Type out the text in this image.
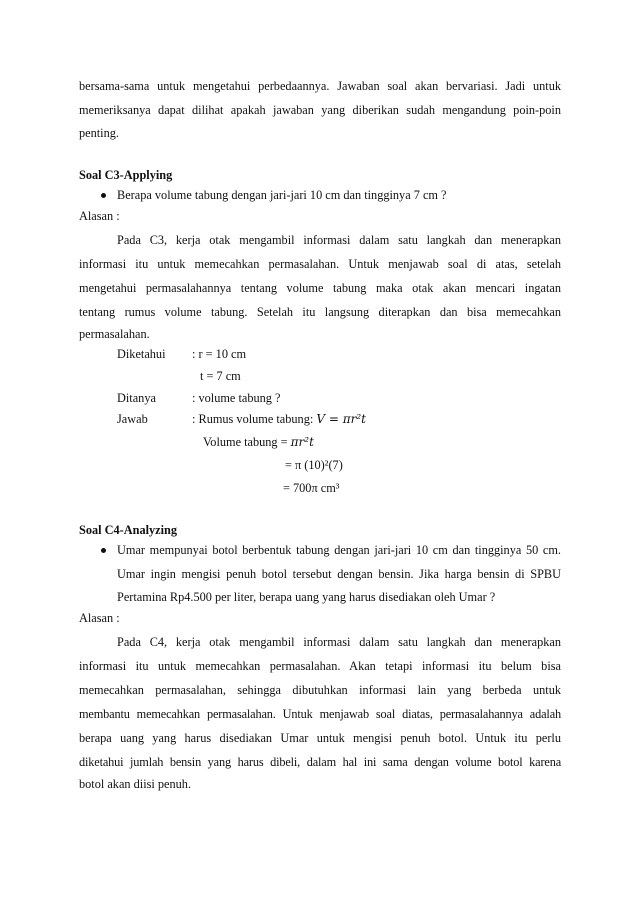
bersama-sama untuk mengetahui perbedaannya. Jawaban soal akan bervariasi. Jadi untuk
memeriksanya dapat dilihat apakah jawaban yang diberikan sudah mengandung poin-poin
penting.
Soal C3-Applying
Berapa volume tabung dengan jari-jari 10 cm dan tingginya 7 cm ?
Alasan :
Pada C3, kerja otak mengambil informasi dalam satu langkah dan menerapkan
informasi itu untuk memecahkan permasalahan. Untuk menjawab soal di atas, setelah
mengetahui permasalahannya tentang volume tabung maka otak akan mencari ingatan
tentang rumus volume tabung. Setelah itu langsung diterapkan dan bisa memecahkan
permasalahan.
Diketahui : r = 10 cm
t = 7 cm
Ditanya	: volume tabung ?
Jawab	: Rumus volume tabung: V = πr²t
Volume tabung = πr²t
= π (10)²(7)
= 700π cm³
Soal C4-Analyzing
Umar mempunyai botol berbentuk tabung dengan jari-jari 10 cm dan tingginya 50 cm.
Umar ingin mengisi penuh botol tersebut dengan bensin. Jika harga bensin di SPBU
Pertamina Rp4.500 per liter, berapa uang yang harus disediakan oleh Umar ?
Alasan :
Pada C4, kerja otak mengambil informasi dalam satu langkah dan menerapkan
informasi itu untuk memecahkan permasalahan. Akan tetapi informasi itu belum bisa
memecahkan permasalahan, sehingga dibutuhkan informasi lain yang berbeda untuk
membantu memecahkan permasalahan. Untuk menjawab soal diatas, permasalahannya adalah
berapa uang yang harus disediakan Umar untuk mengisi penuh botol. Untuk itu perlu
diketahui jumlah bensin yang harus dibeli, dalam hal ini sama dengan volume botol karena
botol akan diisi penuh.
